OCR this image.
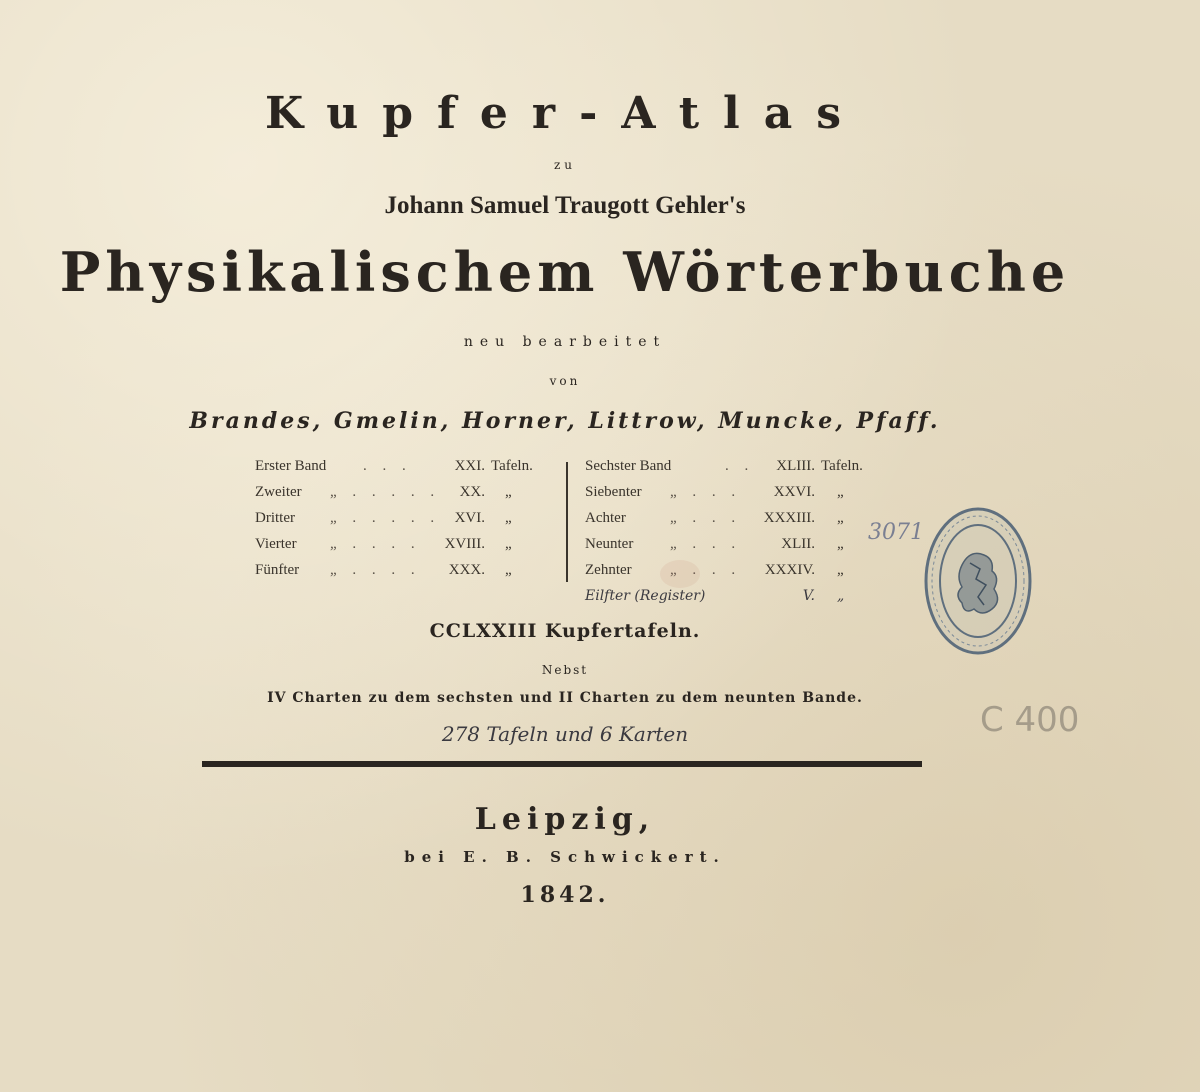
Kupfer-Atlas
zu
Johann Samuel Traugott Gehler's
Physikalischem Wörterbuche
neu bearbeitet
von
Brandes, Gmelin, Horner, Littrow, Muncke, Pfaff.
Erster Band . . .	XXI. Tafeln.
Zweiter „ . . . . .	XX. „
Dritter „ . . . . . XVI. „
Vierter „ . . . .	XVIII. „
Fünfter „ . . . .	XXX. „
Sechster Band	. .	XLIII. Tafeln.
Siebenter „ . . .	XXVI. „
Achter	„ . . .	XXXIII. „
Neunter „ . . .	XLII. „
Zehnter	„ . . .	XXXIV. „
Eilfter (Register)	V. „
CCLXXIII Kupfertafeln.
Nebst
IV Charten zu dem sechsten und II Charten zu dem neunten Bande.
278 Tafeln und 6 Karten
Leipzig,
bei E. B. Schwickert.
1842.
3071
C 400
